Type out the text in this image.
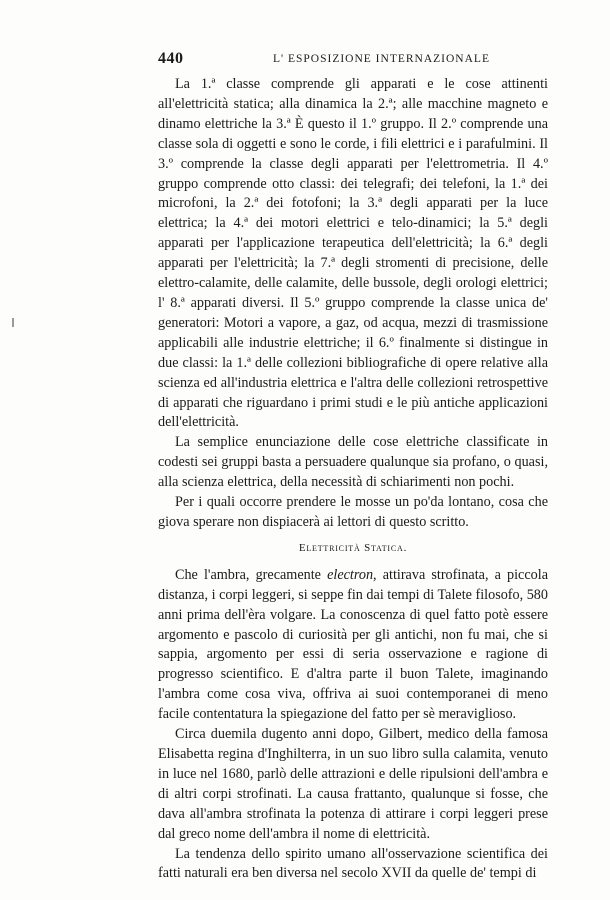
440	L' ESPOSIZIONE INTERNAZIONALE

La 1.ª classe comprende gli apparati e le cose attinenti all'elettricità statica; alla dinamica la 2.ª; alle macchine magneto e dinamo elettriche la 3.ª È questo il 1.º gruppo. Il 2.º comprende una classe sola di oggetti e sono le corde, i fili elettrici e i parafulmini. Il 3.º comprende la classe degli apparati per l'elettrometria. Il 4.º gruppo comprende otto classi: dei telegrafi; dei telefoni, la 1.ª dei microfoni, la 2.ª dei fotofoni; la 3.ª degli apparati per la luce elettrica; la 4.ª dei motori elettrici e telo-dinamici; la 5.ª degli apparati per l'applicazione terapeutica dell'elettricità; la 6.ª degli apparati per l'elettricità; la 7.ª degli stromenti di precisione, delle elettro-calamite, delle calamite, delle bussole, degli orologi elettrici; l' 8.ª apparati diversi. Il 5.º gruppo comprende la classe unica de' generatori: Motori a vapore, a gaz, od acqua, mezzi di trasmissione applicabili alle industrie elettriche; il 6.º finalmente si distingue in due classi: la 1.ª delle collezioni bibliografiche di opere relative alla scienza ed all'industria elettrica e l'altra delle collezioni retrospettive di apparati che riguardano i primi studi e le più antiche applicazioni dell'elettricità.

La semplice enunciazione delle cose elettriche classificate in codesti sei gruppi basta a persuadere qualunque sia profano, o quasi, alla scienza elettrica, della necessità di schiarimenti non pochi.

Per i quali occorre prendere le mosse un po'da lontano, cosa che giova sperare non dispiacerà ai lettori di questo scritto.

Elettricità Statica.

Che l'ambra, grecamente electron, attirava strofinata, a piccola distanza, i corpi leggeri, si seppe fin dai tempi di Talete filosofo, 580 anni prima dell'èra volgare. La conoscenza di quel fatto potè essere argomento e pascolo di curiosità per gli antichi, non fu mai, che si sappia, argomento per essi di seria osservazione e ragione di progresso scientifico. E d'altra parte il buon Talete, imaginando l'ambra come cosa viva, offriva ai suoi contemporanei di meno facile contentatura la spiegazione del fatto per sè meraviglioso.

Circa duemila dugento anni dopo, Gilbert, medico della famosa Elisabetta regina d'Inghilterra, in un suo libro sulla calamita, venuto in luce nel 1680, parlò delle attrazioni e delle ripulsioni dell'ambra e di altri corpi strofinati. La causa frattanto, qualunque si fosse, che dava all'ambra strofinata la potenza di attirare i corpi leggeri prese dal greco nome dell'ambra il nome di elettricità.

La tendenza dello spirito umano all'osservazione scientifica dei fatti naturali era ben diversa nel secolo XVII da quelle de' tempi di
